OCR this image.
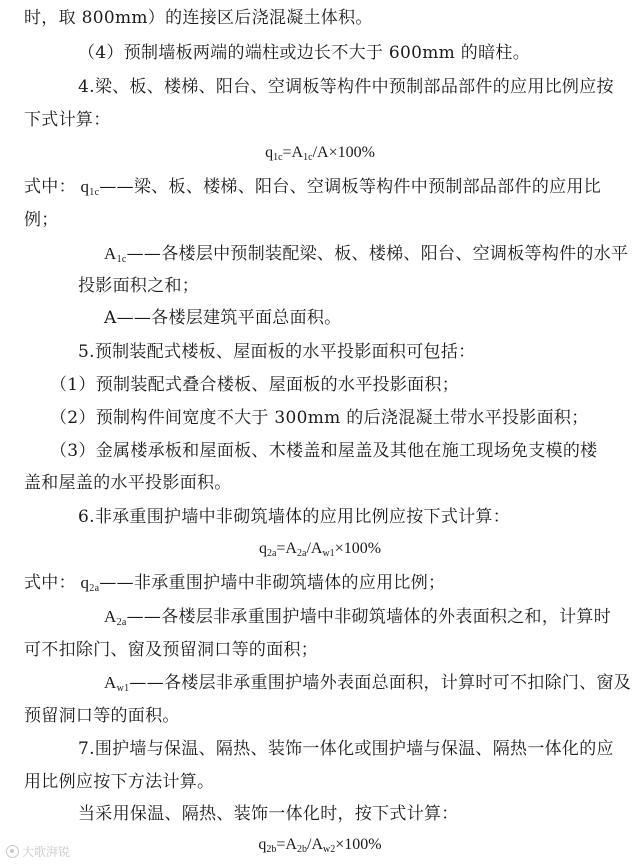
时，取 800mm）的连接区后浇混凝土体积。
（4）预制墙板两端的端柱或边长不大于 600mm 的暗柱。
4.梁、板、楼梯、阳台、空调板等构件中预制部品部件的应用比例应按
下式计算：
$q_{1c}=A_{1c}/A\times 100\%$
式中： $q_{1c}——$梁、板、楼梯、阳台、空调板等构件中预制部品部件的应用比
例；
$A_{1c}——$各楼层中预制装配梁、板、楼梯、阳台、空调板等构件的水平
投影面积之和；
A——各楼层建筑平面总面积。
5.预制装配式楼板、屋面板的水平投影面积可包括：
（1）预制装配式叠合楼板、屋面板的水平投影面积；
（2）预制构件间宽度不大于 300mm 的后浇混凝土带水平投影面积；
（3）金属楼承板和屋面板、木楼盖和屋盖及其他在施工现场免支模的楼
盖和屋盖的水平投影面积。
6.非承重围护墙中非砌筑墙体的应用比例应按下式计算：
$q_{2a}=A_{2a}/A_{w1}\times 100\%$
式中： $q_{2a}——$非承重围护墙中非砌筑墙体的应用比例；
$A_{2a}——$各楼层非承重围护墙中非砌筑墙体的外表面积之和，计算时
可不扣除门、窗及预留洞口等的面积；
$A_{w1}——$各楼层非承重围护墙外表面总面积，计算时可不扣除门、窗及
预留洞口等的面积。
7.围护墙与保温、隔热、装饰一体化或围护墙与保温、隔热一体化的应
用比例应按下方法计算。
当采用保温、隔热、装饰一体化时，按下式计算：
$q_{2b}=A_{2b}/A_{w2}\times 100\%$
大歌湃锐
